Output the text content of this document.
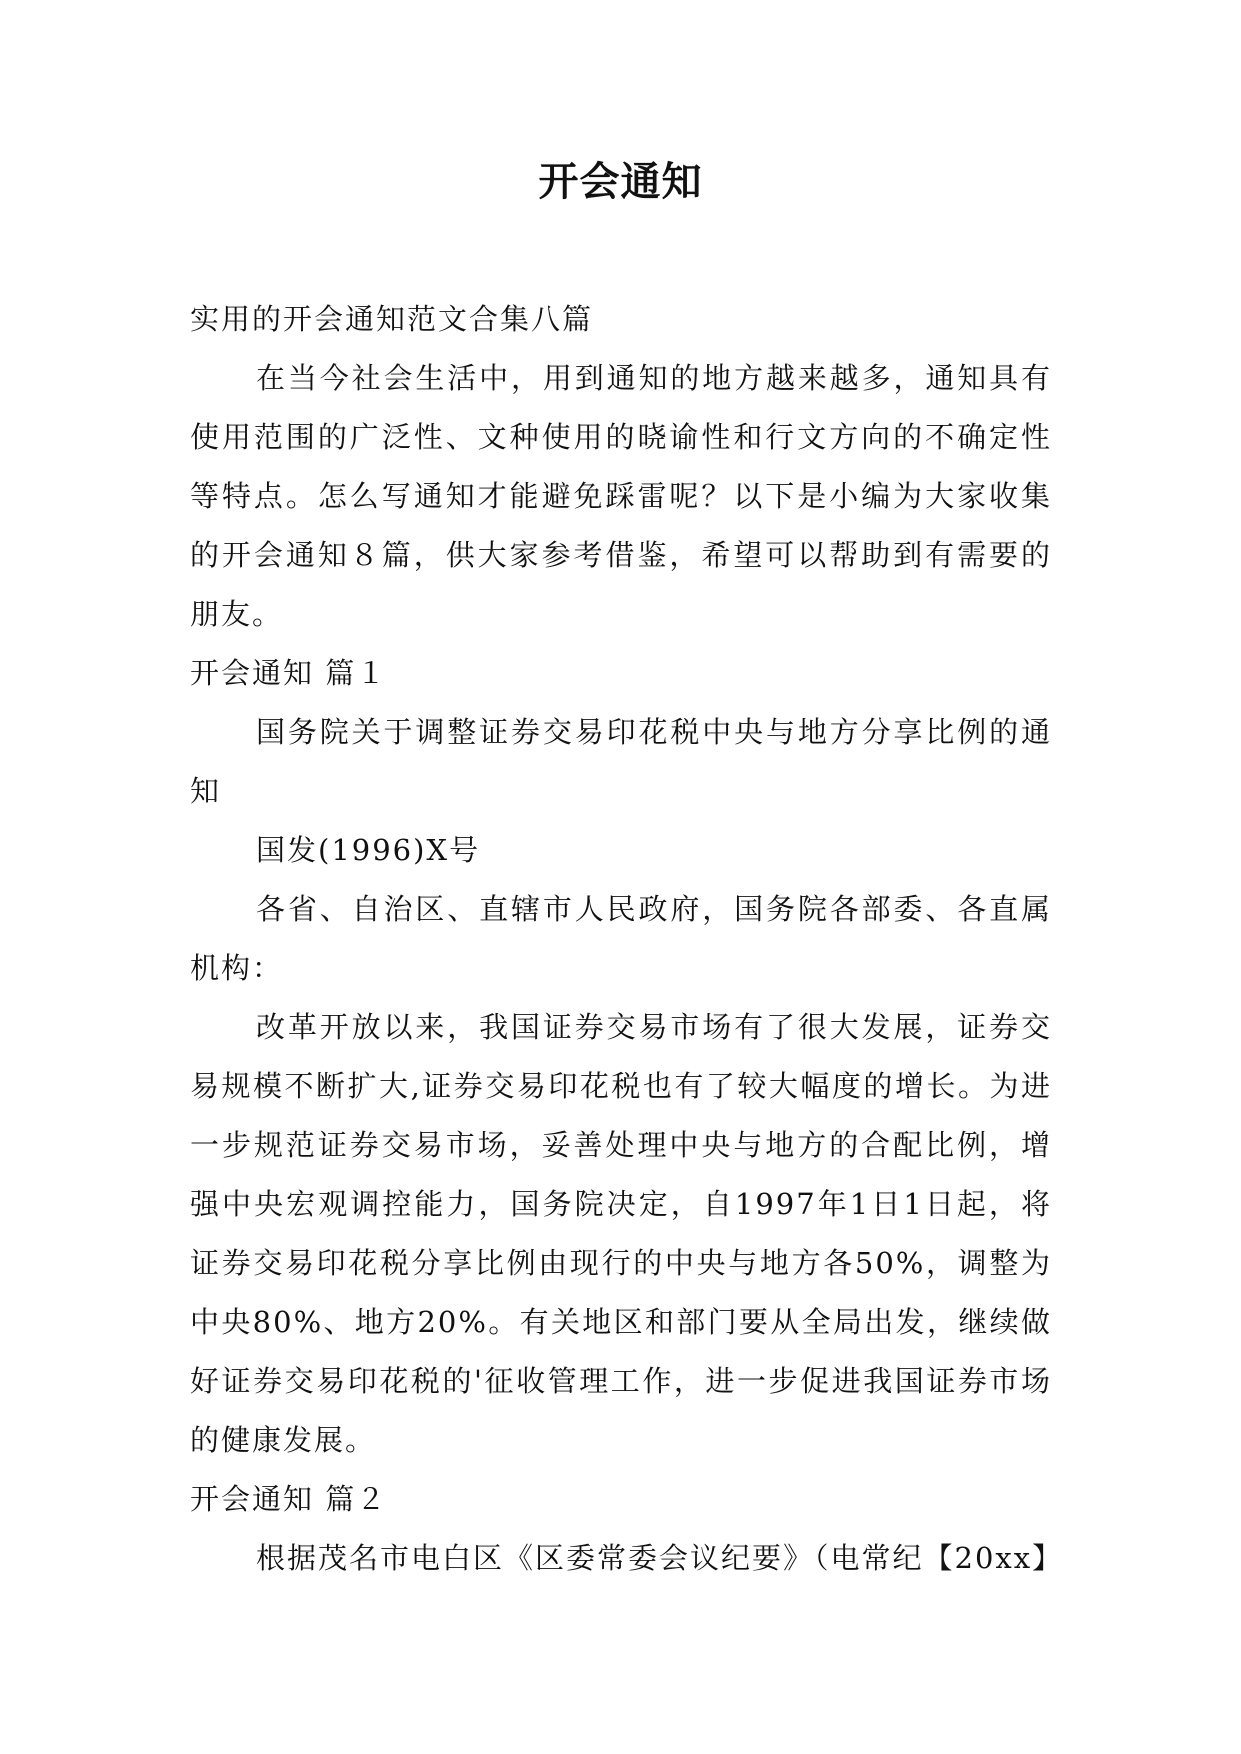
开会通知

实用的开会通知范文合集八篇

在当今社会生活中，用到通知的地方越来越多，通知具有使用范围的广泛性、文种使用的晓谕性和行文方向的不确定性等特点。怎么写通知才能避免踩雷呢？以下是小编为大家收集的开会通知８篇，供大家参考借鉴，希望可以帮助到有需要的朋友。

开会通知 篇１

国务院关于调整证券交易印花税中央与地方分享比例的通知

国发(1996)X号

各省、自治区、直辖市人民政府，国务院各部委、各直属机构：

改革开放以来，我国证券交易市场有了很大发展，证券交易规模不断扩大,证券交易印花税也有了较大幅度的增长。为进一步规范证券交易市场，妥善处理中央与地方的合配比例，增强中央宏观调控能力，国务院决定，自1997年1日1日起，将证券交易印花税分享比例由现行的中央与地方各50%，调整为中央80%、地方20%。有关地区和部门要从全局出发，继续做好证券交易印花税的'征收管理工作，进一步促进我国证券市场的健康发展。

开会通知 篇２

根据茂名市电白区《区委常委会议纪要》（电常纪【20xx】
